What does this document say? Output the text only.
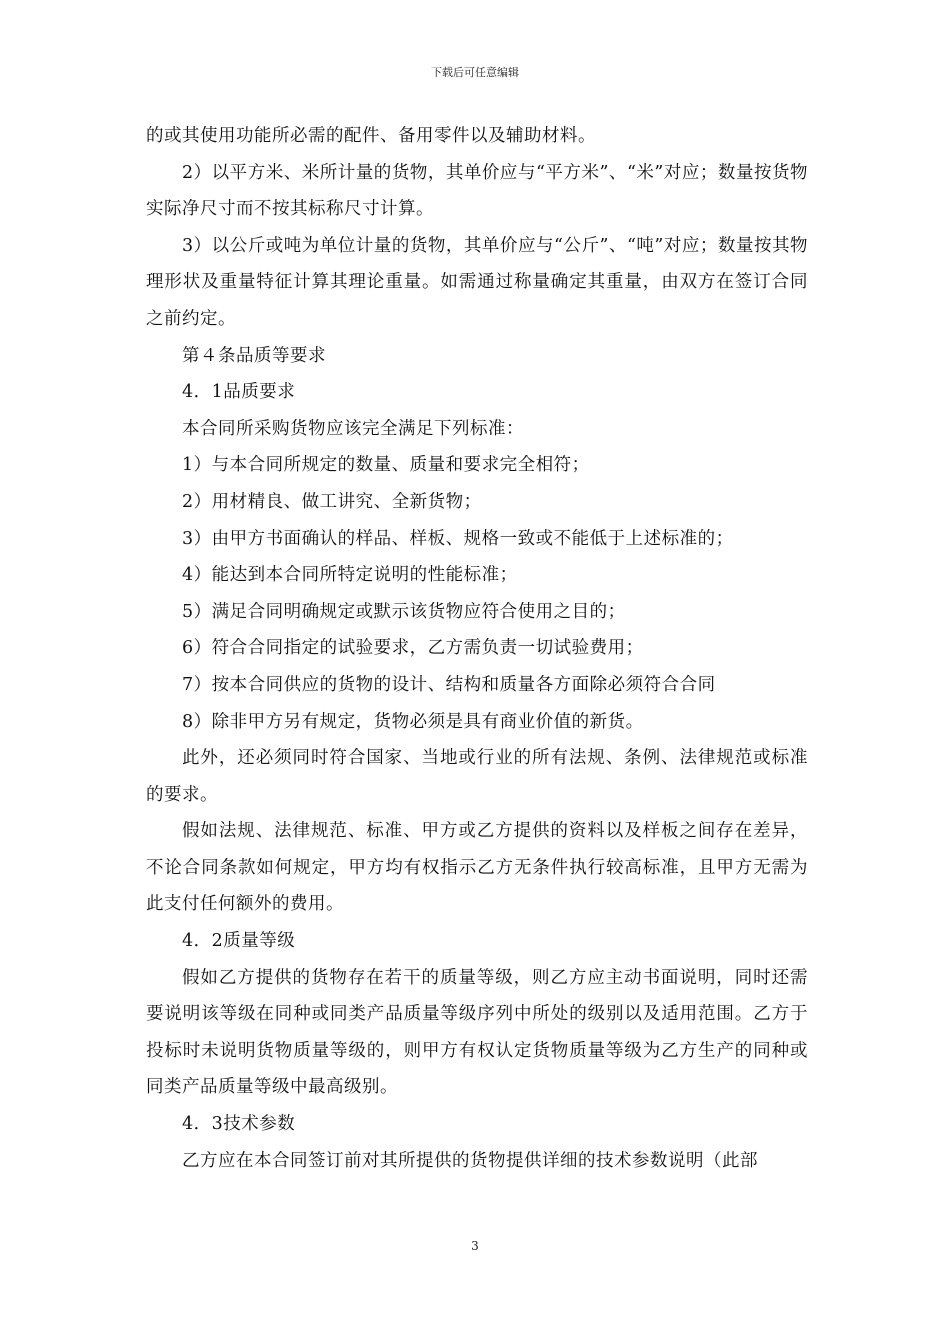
下载后可任意编辑

的或其使用功能所必需的配件、备用零件以及辅助材料。

2）以平方米、米所计量的货物，其单价应与“平方米”、“米”对应；数量按货物实际净尺寸而不按其标称尺寸计算。

3）以公斤或吨为单位计量的货物，其单价应与“公斤”、“吨”对应；数量按其物理形状及重量特征计算其理论重量。如需通过称量确定其重量，由双方在签订合同之前约定。

第４条品质等要求

4．1品质要求

本合同所采购货物应该完全满足下列标准：

1）与本合同所规定的数量、质量和要求完全相符；

2）用材精良、做工讲究、全新货物；

3）由甲方书面确认的样品、样板、规格一致或不能低于上述标准的；

4）能达到本合同所特定说明的性能标准；

5）满足合同明确规定或默示该货物应符合使用之目的；

6）符合合同指定的试验要求，乙方需负责一切试验费用；

7）按本合同供应的货物的设计、结构和质量各方面除必须符合合同

8）除非甲方另有规定，货物必须是具有商业价值的新货。

此外，还必须同时符合国家、当地或行业的所有法规、条例、法律规范或标准的要求。

假如法规、法律规范、标准、甲方或乙方提供的资料以及样板之间存在差异，不论合同条款如何规定，甲方均有权指示乙方无条件执行较高标准，且甲方无需为此支付任何额外的费用。

4．2质量等级

假如乙方提供的货物存在若干的质量等级，则乙方应主动书面说明，同时还需要说明该等级在同种或同类产品质量等级序列中所处的级别以及适用范围。乙方于投标时未说明货物质量等级的，则甲方有权认定货物质量等级为乙方生产的同种或同类产品质量等级中最高级别。

4．3技术参数

乙方应在本合同签订前对其所提供的货物提供详细的技术参数说明（此部

3
